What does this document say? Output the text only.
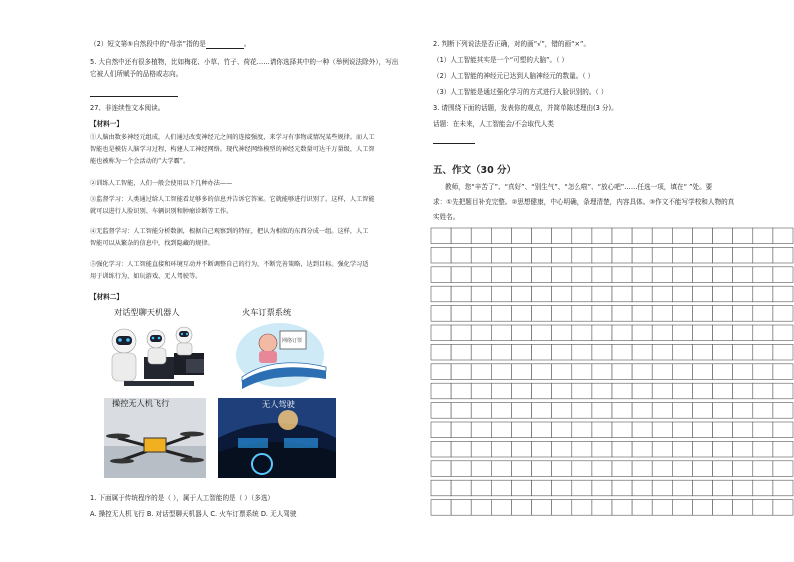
（2）短文第⑤自然段中的“母亲”指的是	。
5. 大自然中还有很多植物，比如梅花、小草、竹子、荷花……请你选择其中的一种（举例说法除外），写出
它被人们所赋予的品格或志向。
27、非连续性文本阅读。
【材料一】
①人脑由数多神经元组成，人们通过改变神经元之间的连接强度，来学习有事物或情况某些规律。而人工
智能也是模仿人脑学习过程，构建人工神经网络。现代神经网络模型的神经元数量可达千万量级，人工智
能也被称为一个会活动的“大学霸”。
②训练人工智能，人们一般会使用以下几种办法——
③监督学习：人类通过给人工智能看足够多的信息并告诉它答案。它就能够进行识别了。这样，人工智能
就可以进行人脸识别、车辆识别和肿瘤诊断等工作。
④无监督学习：人工智能分析数据，根据自己观察到的特征，把认为相似的东西分成一组。这样，人工
智能可以从繁杂的信息中，找到隐藏的规律。
⑤强化学习：人工智能直接和环境互动并不断调整自己的行为，不断完善策略，达到目标。强化学习适
用于训练行为，如玩游戏、无人驾驶等。
【材料二】
对话型聊天机器人	火车订票系统
网络订票
操控无人机飞行	无人驾驶
1. 下面属于传统程序的是（ ），属于人工智能的是（ ）（多选）
A. 操控无人机飞行 B. 对话型聊天机器人 C. 火车订票系统 D. 无人驾驶
2. 判断下列说法是否正确，对的画“√”，错的画“×”。
（1）人工智能其实是一个“可塑的大脑”。（ ）
（2）人工智能的神经元已达到人脑神经元的数量。（ ）
（3）人工智能是通过强化学习的方式进行人脸识别的。（ ）
3. 请围绕下面的话题，发表你的观点，并简单陈述理由(3 分)。
话题：在未来，人工智能会/不会取代人类
五、作文（30 分）
教师，您“辛苦了”、“真好”、“别生气”、“怎么啦”、“放心吧”……任选一项，填在“ ”处。要
求：①先把题目补充完整。②思想健康，中心明确，条理清楚，内容具体。③作文不能写学校和人物的真
实姓名。
